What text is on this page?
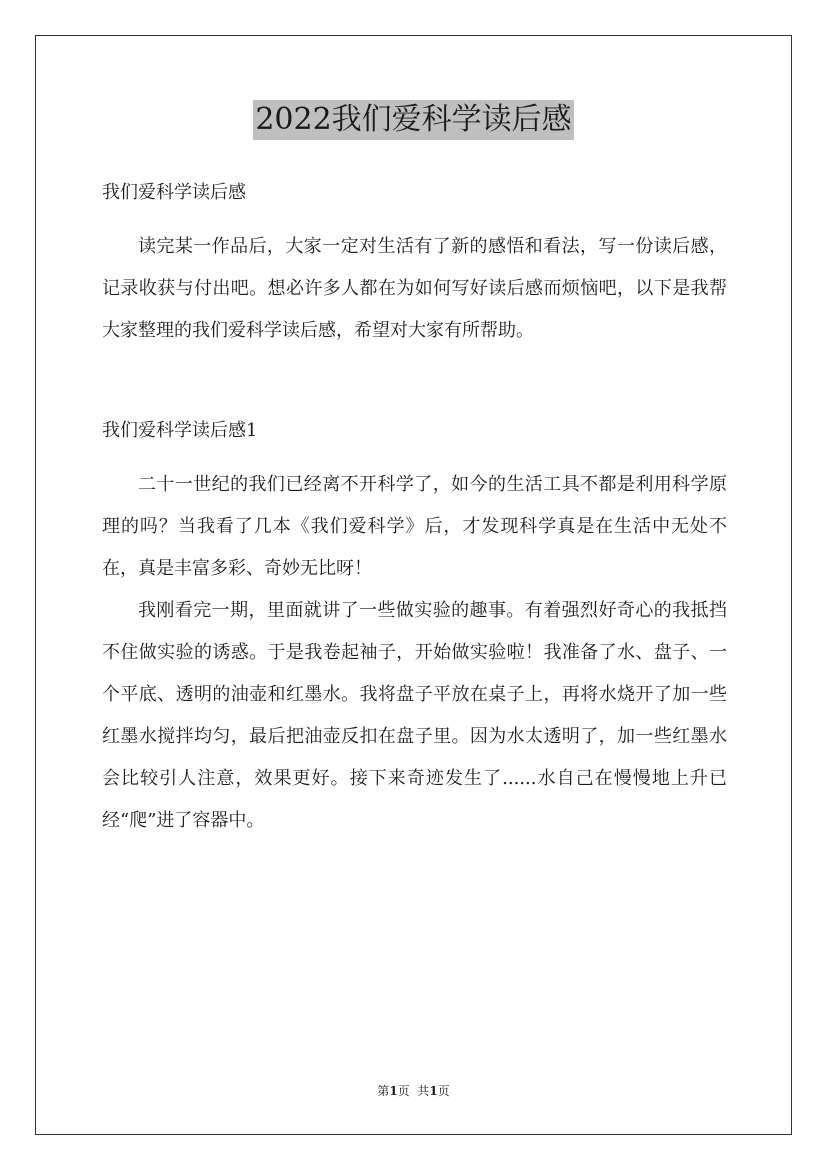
2022我们爱科学读后感

我们爱科学读后感

读完某一作品后，大家一定对生活有了新的感悟和看法，写一份读后感，记录收获与付出吧。想必许多人都在为如何写好读后感而烦恼吧，以下是我帮大家整理的我们爱科学读后感，希望对大家有所帮助。

我们爱科学读后感1

二十一世纪的我们已经离不开科学了，如今的生活工具不都是利用科学原理的吗？当我看了几本《我们爱科学》后，才发现科学真是在生活中无处不在，真是丰富多彩、奇妙无比呀！

我刚看完一期，里面就讲了一些做实验的趣事。有着强烈好奇心的我抵挡不住做实验的诱惑。于是我卷起袖子，开始做实验啦！我准备了水、盘子、一个平底、透明的油壶和红墨水。我将盘子平放在桌子上，再将水烧开了加一些红墨水搅拌均匀，最后把油壶反扣在盘子里。因为水太透明了，加一些红墨水会比较引人注意，效果更好。接下来奇迹发生了......水自己在慢慢地上升已经“爬”进了容器中。

第1页  共1页
